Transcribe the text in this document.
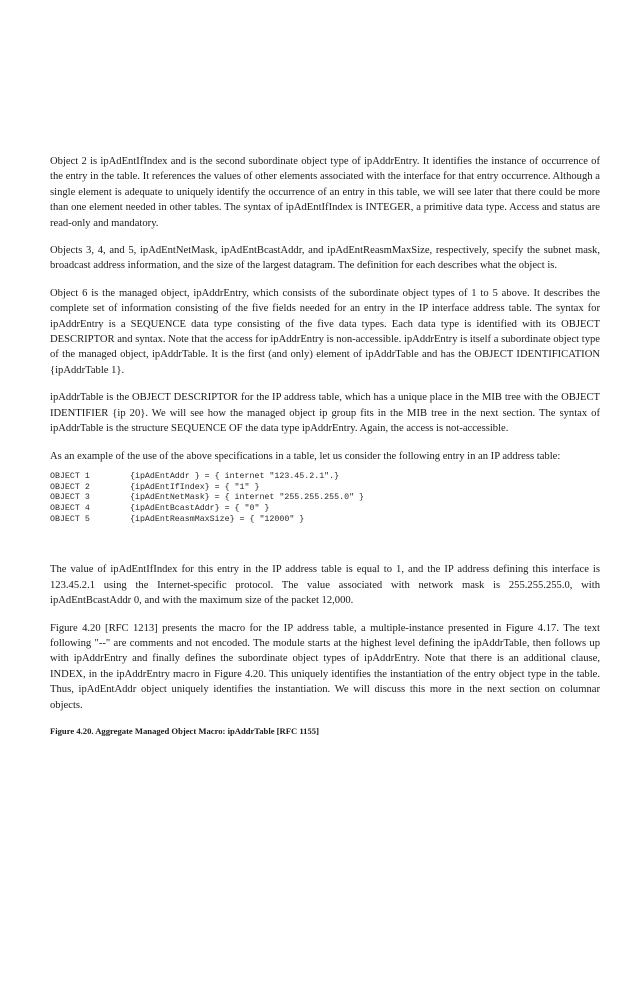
Object 2 is ipAdEntIfIndex and is the second subordinate object type of ipAddrEntry. It identifies the instance of occurrence of the entry in the table. It references the values of other elements associated with the interface for that entry occurrence. Although a single element is adequate to uniquely identify the occurrence of an entry in this table, we will see later that there could be more than one element needed in other tables. The syntax of ipAdEntIfIndex is INTEGER, a primitive data type. Access and status are read-only and mandatory.

Objects 3, 4, and 5, ipAdEntNetMask, ipAdEntBcastAddr, and ipAdEntReasmMaxSize, respectively, specify the subnet mask, broadcast address information, and the size of the largest datagram. The definition for each describes what the object is.

Object 6 is the managed object, ipAddrEntry, which consists of the subordinate object types of 1 to 5 above. It describes the complete set of information consisting of the five fields needed for an entry in the IP interface address table. The syntax for ipAddrEntry is a SEQUENCE data type consisting of the five data types. Each data type is identified with its OBJECT DESCRIPTOR and syntax. Note that the access for ipAddrEntry is non-accessible. ipAddrEntry is itself a subordinate object type of the managed object, ipAddrTable. It is the first (and only) element of ipAddrTable and has the OBJECT IDENTIFICATION {ipAddrTable 1}.

ipAddrTable is the OBJECT DESCRIPTOR for the IP address table, which has a unique place in the MIB tree with the OBJECT IDENTIFIER {ip 20}. We will see how the managed object ip group fits in the MIB tree in the next section. The syntax of ipAddrTable is the structure SEQUENCE OF the data type ipAddrEntry. Again, the access is not-accessible.

As an example of the use of the above specifications in a table, let us consider the following entry in an IP address table:

OBJECT 1	{ipAdEntAddr } = { internet "123.45.2.1".}
OBJECT 2	{ipAdEntIfIndex} = { "1" }
OBJECT 3	{ipAdEntNetMask} = { internet "255.255.255.0" }
OBJECT 4	{ipAdEntBcastAddr} = { "0" }
OBJECT 5	{ipAdEntReasmMaxSize} = { "12000" }

The value of ipAdEntIfIndex for this entry in the IP address table is equal to 1, and the IP address defining this interface is 123.45.2.1 using the Internet-specific protocol. The value associated with network mask is 255.255.255.0, with ipAdEntBcastAddr 0, and with the maximum size of the packet 12,000.

Figure 4.20 [RFC 1213] presents the macro for the IP address table, a multiple-instance presented in Figure 4.17. The text following "--" are comments and not encoded. The module starts at the highest level defining the ipAddrTable, then follows up with ipAddrEntry and finally defines the subordinate object types of ipAddrEntry. Note that there is an additional clause, INDEX, in the ipAddrEntry macro in Figure 4.20. This uniquely identifies the instantiation of the entry object type in the table. Thus, ipAdEntAddr object uniquely identifies the instantiation. We will discuss this more in the next section on columnar objects.

Figure 4.20. Aggregate Managed Object Macro: ipAddrTable [RFC 1155]
